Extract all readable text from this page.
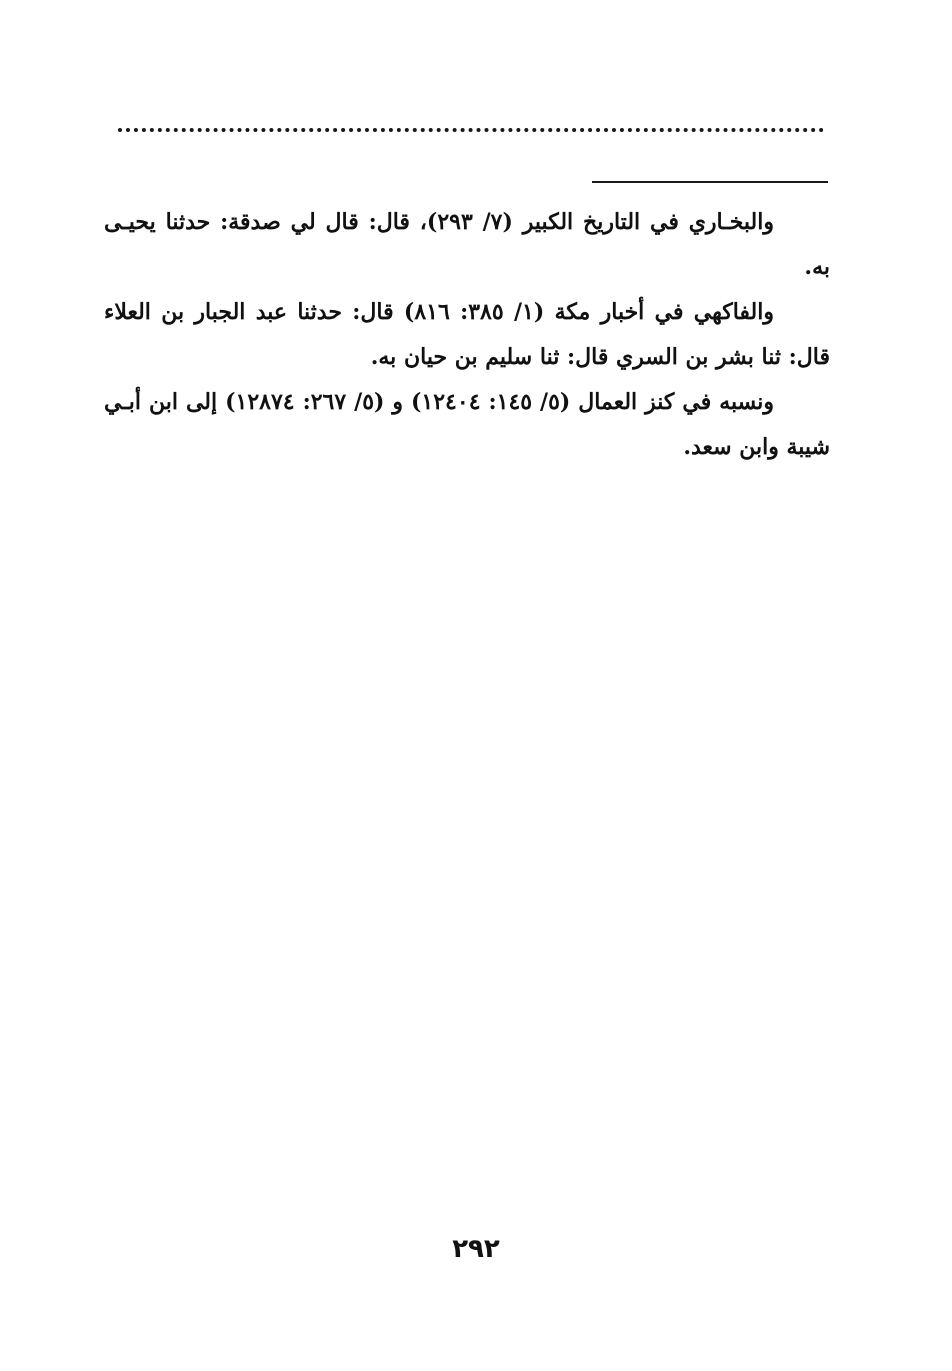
والبخـاري في التاريخ الكبير (٧/ ٢٩٣)، قال: قال لي صدقة: حدثنا يحيـى به.

والفاكهي في أخبار مكة (١/ ٣٨٥: ٨١٦) قال: حدثنا عبد الجبار بن العلاء قال: ثنا بشر بن السري قال: ثنا سليم بن حيان به.

ونسبه في كنز العمال (٥/ ١٤٥: ١٢٤٠٤) و (٥/ ٢٦٧: ١٢٨٧٤) إلى ابن أبـي شيبة وابن سعد.

٢٩٢
